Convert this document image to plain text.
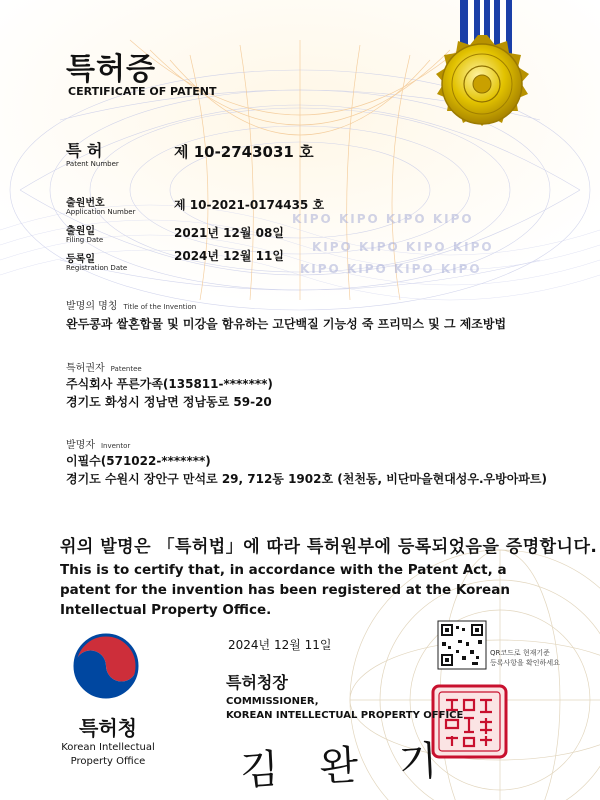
KIPO KIPO KIPO KIPO
KIPO KIPO KIPO KIPO
KIPO KIPO KIPO KIPO
특허증
CERTIFICATE OF PATENT
특 허
Patent Number
제 10-2743031 호
출원번호
Application Number	제 10-2021-0174435 호
출원일
Filing Date	2021년 12월 08일
등록일
Registration Date
2024년 12월 11일
발명의 명칭 Title of the Invention
완두콩과 쌀혼합물 및 미강을 함유하는 고단백질 기능성 죽 프리믹스 및 그 제조방법
특허권자 Patentee
주식회사 푸른가족(135811-*******)
경기도 화성시 정남면 정남동로 59-20
발명자 Inventor
이필수(571022-*******)
경기도 수원시 장안구 만석로 29, 712동 1902호 (천천동, 비단마을현대성우.우방아파트)
위의 발명은 「특허법」에 따라 특허원부에 등록되었음을 증명합니다.
This is to certify that, in accordance with the Patent Act, a patent for the invention has been registered at the Korean Intellectual Property Office.
2024년 12월 11일
특허청장
COMMISSIONER,
KOREAN INTELLECTUAL PROPERTY OFFICE
김 완 기
특허청
Korean Intellectual Property Office
QR코드로 현재기준
등록사항을 확인하세요
